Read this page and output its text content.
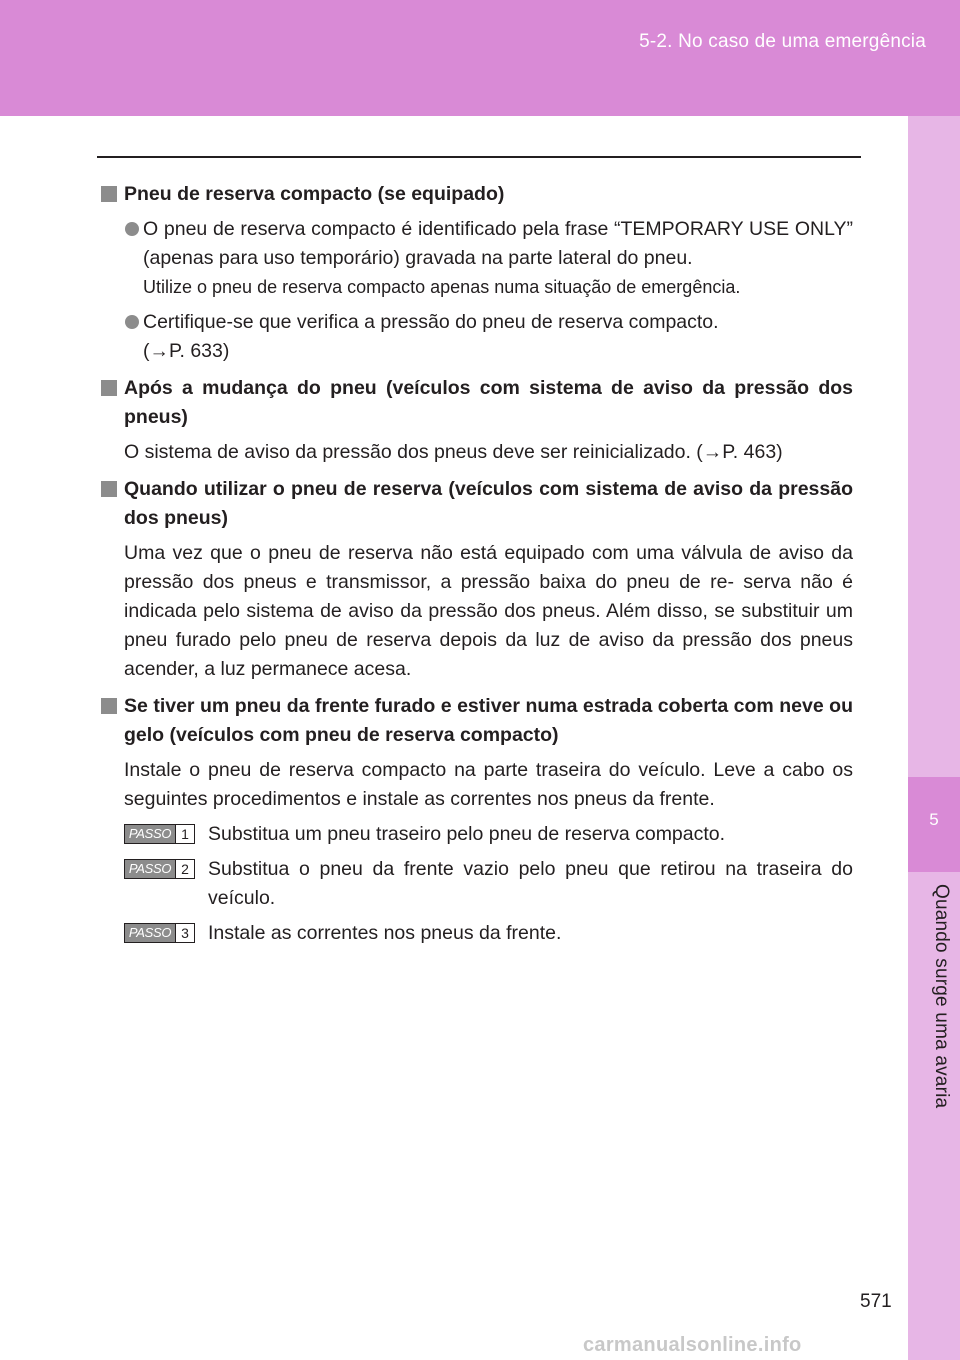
5-2. No caso de uma emergência
5
Quando surge uma avaria
Pneu de reserva compacto (se equipado)
O pneu de reserva compacto é identificado pela frase “TEMPORARY USE ONLY” (apenas para uso temporário) gravada na parte lateral do pneu.
Utilize o pneu de reserva compacto apenas numa situação de emergência.
Certifique-se que verifica a pressão do pneu de reserva compacto.
(→P. 633)
Após a mudança do pneu (veículos com sistema de aviso da pressão dos pneus)
O sistema de aviso da pressão dos pneus deve ser reinicializado. (→P. 463)
Quando utilizar o pneu de reserva (veículos com sistema de aviso da pressão dos pneus)
Uma vez que o pneu de reserva não está equipado com uma válvula de aviso da pressão dos pneus e transmissor, a pressão baixa do pneu de re- serva não é indicada pelo sistema de aviso da pressão dos pneus. Além disso, se substituir um pneu furado pelo pneu de reserva depois da luz de aviso da pressão dos pneus acender, a luz permanece acesa.
Se tiver um pneu da frente furado e estiver numa estrada coberta com neve ou gelo (veículos com pneu de reserva compacto)
Instale o pneu de reserva compacto na parte traseira do veículo. Leve a cabo os seguintes procedimentos e instale as correntes nos pneus da frente.
PASSO 1 Substitua um pneu traseiro pelo pneu de reserva compacto.
PASSO 2 Substitua o pneu da frente vazio pelo pneu que retirou na traseira do veículo.
PASSO 3 Instale as correntes nos pneus da frente.
571
carmanualsonline.info
